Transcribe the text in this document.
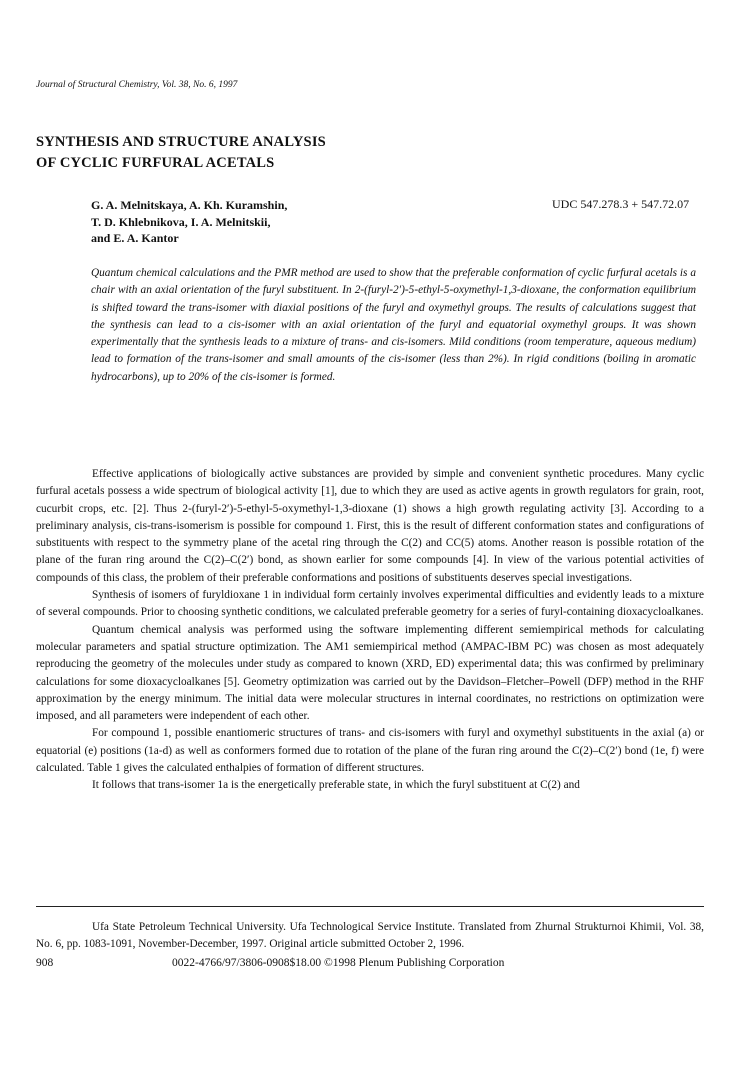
Journal of Structural Chemistry, Vol. 38, No. 6, 1997
SYNTHESIS AND STRUCTURE ANALYSIS
OF CYCLIC FURFURAL ACETALS
G. A. Melnitskaya, A. Kh. Kuramshin,
T. D. Khlebnikova, I. A. Melnitskii,
and E. A. Kantor
UDC 547.278.3 + 547.72.07

Quantum chemical calculations and the PMR method are used to show that the preferable conformation of cyclic furfural acetals is a chair with an axial orientation of the furyl substituent. In 2-(furyl-2′)-5-ethyl-5-oxymethyl-1,3-dioxane, the conformation equilibrium is shifted toward the trans-isomer with diaxial positions of the furyl and oxymethyl groups. The results of calculations suggest that the synthesis can lead to a cis-isomer with an axial orientation of the furyl and equatorial oxymethyl groups. It was shown experimentally that the synthesis leads to a mixture of trans- and cis-isomers. Mild conditions (room temperature, aqueous medium) lead to formation of the trans-isomer and small amounts of the cis-isomer (less than 2%). In rigid conditions (boiling in aromatic hydrocarbons), up to 20% of the cis-isomer is formed.

Effective applications of biologically active substances are provided by simple and convenient synthetic procedures. Many cyclic furfural acetals possess a wide spectrum of biological activity [1], due to which they are used as active agents in growth regulators for grain, root, cucurbit crops, etc. [2]. Thus 2-(furyl-2′)-5-ethyl-5-oxymethyl-1,3-dioxane (1) shows a high growth regulating activity [3]. According to a preliminary analysis, cis-trans-isomerism is possible for compound 1. First, this is the result of different conformation states and configurations of substituents with respect to the symmetry plane of the acetal ring through the C(2) and CC(5) atoms. Another reason is possible rotation of the plane of the furan ring around the C(2)–C(2′) bond, as shown earlier for some compounds [4]. In view of the various potential activities of compounds of this class, the problem of their preferable conformations and positions of substituents deserves special investigations.

Synthesis of isomers of furyldioxane 1 in individual form certainly involves experimental difficulties and evidently leads to a mixture of several compounds. Prior to choosing synthetic conditions, we calculated preferable geometry for a series of furyl-containing dioxacycloalkanes.

Quantum chemical analysis was performed using the software implementing different semiempirical methods for calculating molecular parameters and spatial structure optimization. The AM1 semiempirical method (AMPAC-IBM PC) was chosen as most adequately reproducing the geometry of the molecules under study as compared to known (XRD, ED) experimental data; this was confirmed by preliminary calculations for some dioxacycloalkanes [5]. Geometry optimization was carried out by the Davidson–Fletcher–Powell (DFP) method in the RHF approximation by the energy minimum. The initial data were molecular structures in internal coordinates, no restrictions on optimization were imposed, and all parameters were independent of each other.

For compound 1, possible enantiomeric structures of trans- and cis-isomers with furyl and oxymethyl substituents in the axial (a) or equatorial (e) positions (1a-d) as well as conformers formed due to rotation of the plane of the furan ring around the C(2)–C(2′) bond (1e, f) were calculated. Table 1 gives the calculated enthalpies of formation of different structures.

It follows that trans-isomer 1a is the energetically preferable state, in which the furyl substituent at C(2) and

Ufa State Petroleum Technical University. Ufa Technological Service Institute. Translated from Zhurnal Strukturnoi Khimii, Vol. 38, No. 6, pp. 1083-1091, November-December, 1997. Original article submitted October 2, 1996.

908	0022-4766/97/3806-0908$18.00 ©1998 Plenum Publishing Corporation
